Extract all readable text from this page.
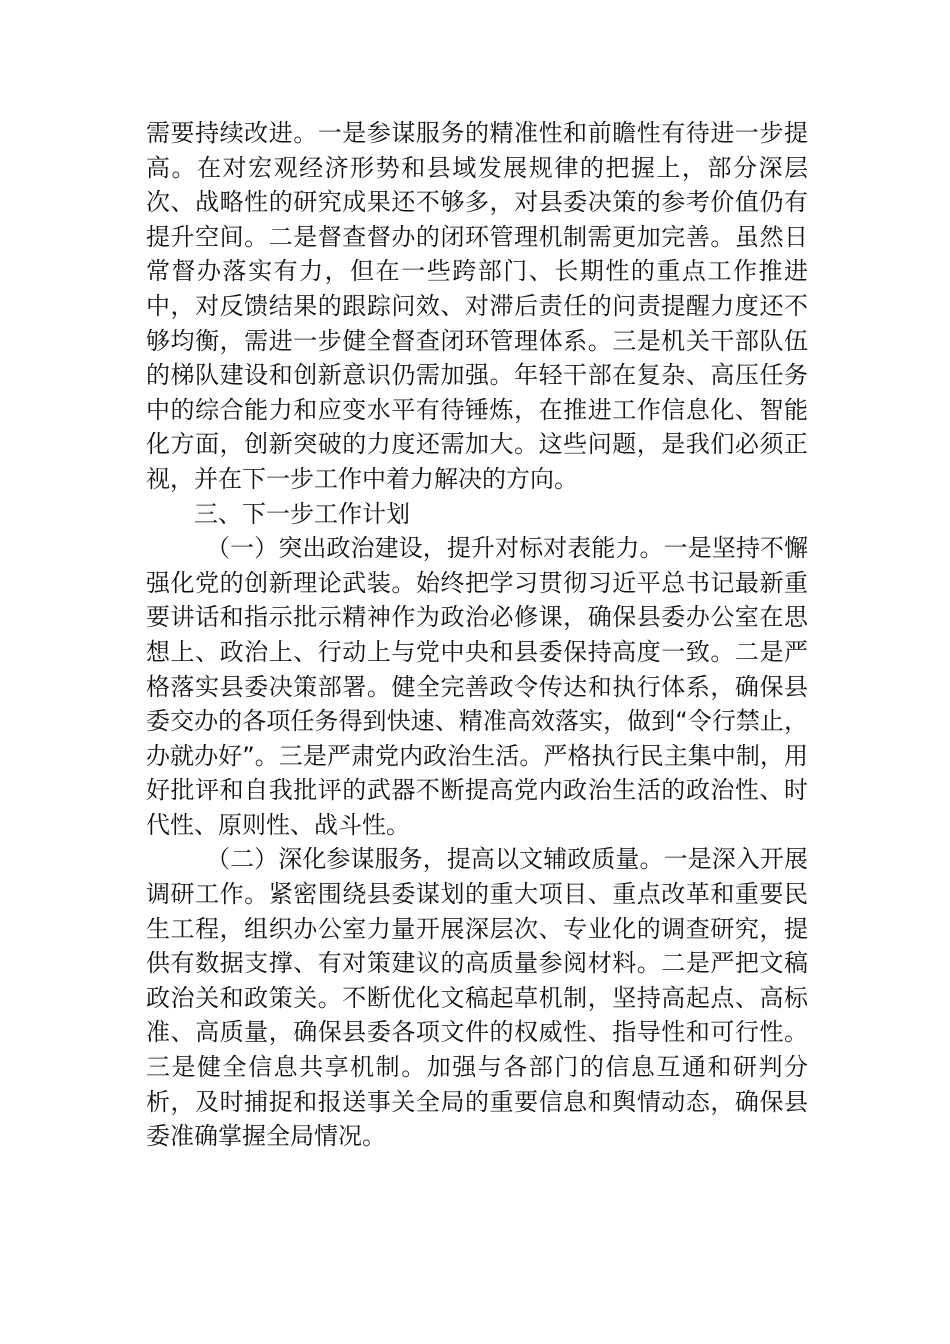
需要持续改进。一是参谋服务的精准性和前瞻性有待进一步提高。在对宏观经济形势和县域发展规律的把握上，部分深层次、战略性的研究成果还不够多，对县委决策的参考价值仍有提升空间。二是督查督办的闭环管理机制需更加完善。虽然日常督办落实有力，但在一些跨部门、长期性的重点工作推进中，对反馈结果的跟踪问效、对滞后责任的问责提醒力度还不够均衡，需进一步健全督查闭环管理体系。三是机关干部队伍的梯队建设和创新意识仍需加强。年轻干部在复杂、高压任务中的综合能力和应变水平有待锤炼，在推进工作信息化、智能化方面，创新突破的力度还需加大。这些问题，是我们必须正视，并在下一步工作中着力解决的方向。

三、下一步工作计划

（一）突出政治建设，提升对标对表能力。一是坚持不懈强化党的创新理论武装。始终把学习贯彻习近平总书记最新重要讲话和指示批示精神作为政治必修课，确保县委办公室在思想上、政治上、行动上与党中央和县委保持高度一致。二是严格落实县委决策部署。健全完善政令传达和执行体系，确保县委交办的各项任务得到快速、精准高效落实，做到“令行禁止，办就办好”。三是严肃党内政治生活。严格执行民主集中制，用好批评和自我批评的武器不断提高党内政治生活的政治性、时代性、原则性、战斗性。

（二）深化参谋服务，提高以文辅政质量。一是深入开展调研工作。紧密围绕县委谋划的重大项目、重点改革和重要民生工程，组织办公室力量开展深层次、专业化的调查研究，提供有数据支撑、有对策建议的高质量参阅材料。二是严把文稿政治关和政策关。不断优化文稿起草机制，坚持高起点、高标准、高质量，确保县委各项文件的权威性、指导性和可行性。三是健全信息共享机制。加强与各部门的信息互通和研判分析，及时捕捉和报送事关全局的重要信息和舆情动态，确保县委准确掌握全局情况。
